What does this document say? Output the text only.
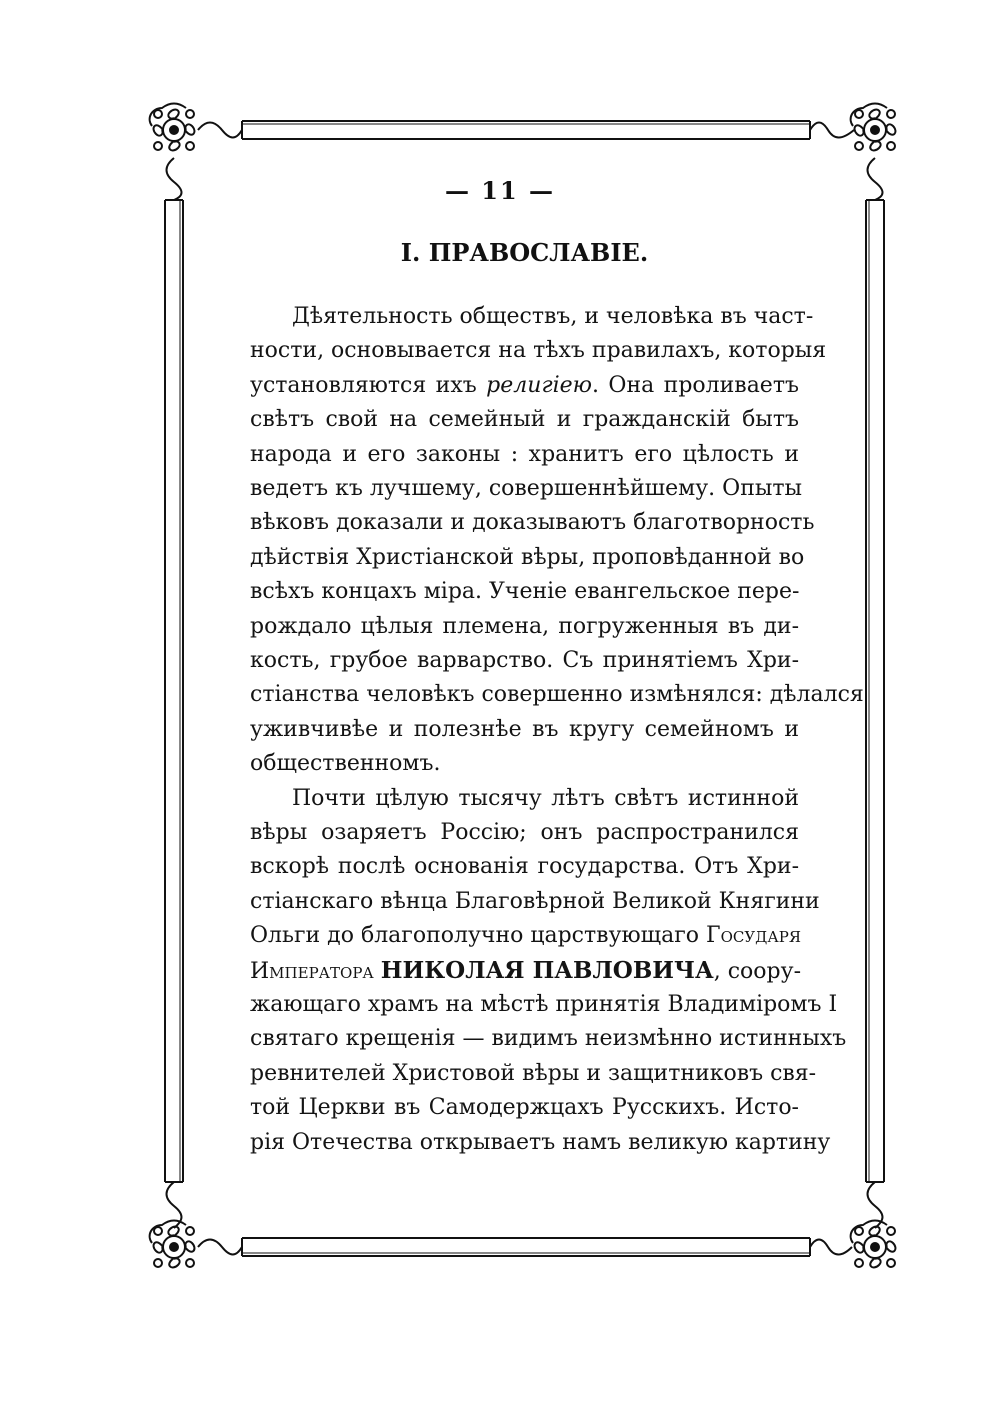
— 11 —
I. ПРАВОСЛАВІЕ.
Дѣятельность обществъ, и человѣка въ част-
ности, основывается на тѣхъ правилахъ, которыя
установляются ихъ религіею. Она проливаетъ
свѣтъ свой на семейный и гражданскій бытъ
народа и его законы : хранитъ его цѣлость и
ведетъ къ лучшему, совершеннѣйшему. Опыты
вѣковъ доказали и доказываютъ благотворность
дѣйствія Христіанской вѣры, проповѣданной во
всѣхъ концахъ міра. Ученіе евангельское пере-
рождало цѣлыя племена, погруженныя въ ди-
кость, грубое варварство. Съ принятіемъ Хри-
стіанства человѣкъ совершенно измѣнялся: дѣлался
уживчивѣе и полезнѣе въ кругу семейномъ и
общественномъ.
Почти цѣлую тысячу лѣтъ свѣтъ истинной
вѣры озаряетъ Россію; онъ распространился
вскорѣ послѣ основанія государства. Отъ Хри-
стіанскаго вѣнца Благовѣрной Великой Княгини
Ольги до благополучно царствующаго Государя
Императора НИКОЛАЯ ПАВЛОВИЧА, соору-
жающаго храмъ на мѣстѣ принятія Владиміромъ I
святаго крещенія — видимъ неизмѣнно истинныхъ
ревнителей Христовой вѣры и защитниковъ свя-
той Церкви въ Самодержцахъ Русскихъ. Исто-
рія Отечества открываетъ намъ великую картину
